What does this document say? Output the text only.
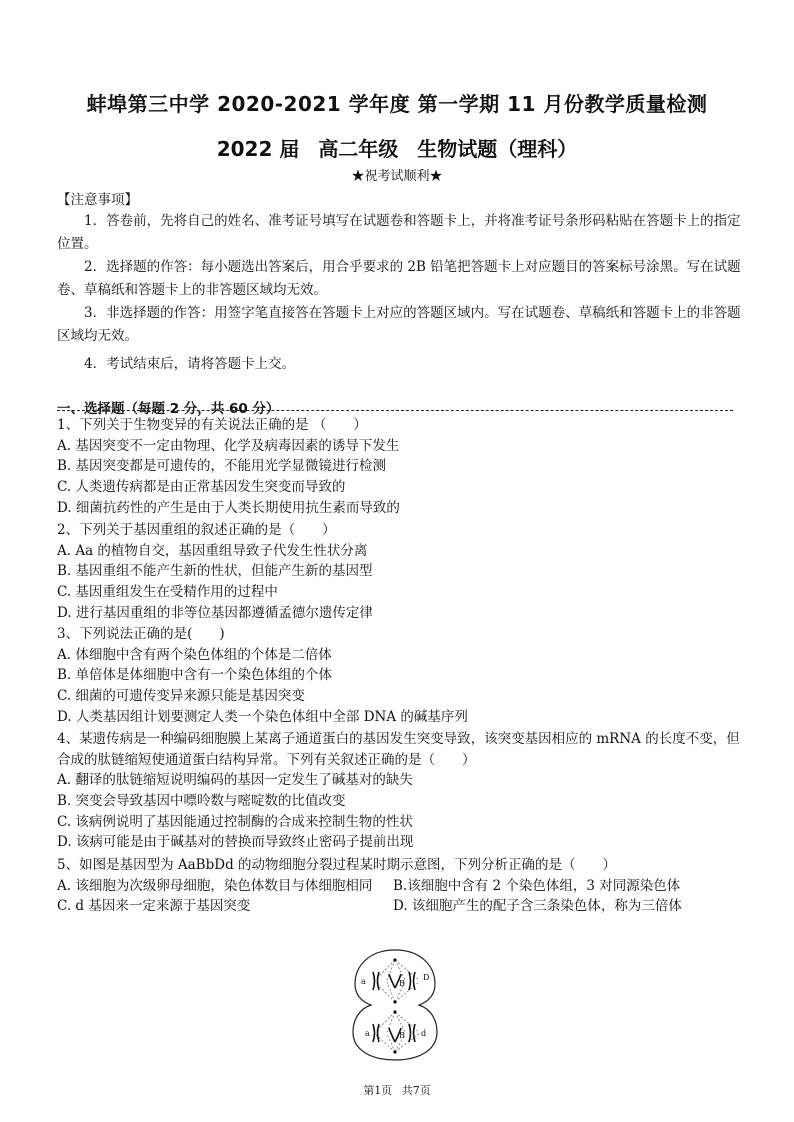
蚌埠第三中学 2020-2021 学年度 第一学期 11 月份教学质量检测
2022 届 高二年级 生物试题（理科）
★祝考试顺利★
【注意事项】
1．答卷前，先将自己的姓名、准考证号填写在试题卷和答题卡上，并将准考证号条形码粘贴在答题卡上的指定位置。
2．选择题的作答：每小题选出答案后，用合乎要求的 2B 铅笔把答题卡上对应题目的答案标号涂黑。写在试题卷、草稿纸和答题卡上的非答题区域均无效。
3．非选择题的作答：用签字笔直接答在答题卡上对应的答题区域内。写在试题卷、草稿纸和答题卡上的非答题区域均无效。
4．考试结束后，请将答题卡上交。
一、选择题（每题 2 分，共 60 分）
1、下列关于生物变异的有关说法正确的是 （　　）
A. 基因突变不一定由物理、化学及病毒因素的诱导下发生
B. 基因突变都是可遗传的，不能用光学显微镜进行检测
C. 人类遗传病都是由正常基因发生突变而导致的
D. 细菌抗药性的产生是由于人类长期使用抗生素而导致的
2、下列关于基因重组的叙述正确的是（　　）
A. Aa 的植物自交，基因重组导致子代发生性状分离
B. 基因重组不能产生新的性状，但能产生新的基因型
C. 基因重组发生在受精作用的过程中
D. 进行基因重组的非等位基因都遵循孟德尔遗传定律
3、下列说法正确的是(　　)
A. 体细胞中含有两个染色体组的个体是二倍体
B. 单倍体是体细胞中含有一个染色体组的个体
C. 细菌的可遗传变异来源只能是基因突变
D. 人类基因组计划要测定人类一个染色体组中全部 DNA 的碱基序列
4、某遗传病是一种编码细胞膜上某离子通道蛋白的基因发生突变导致，该突变基因相应的 mRNA 的长度不变，但合成的肽链缩短使通道蛋白结构异常。下列有关叙述正确的是（　　）
A. 翻译的肽链缩短说明编码的基因一定发生了碱基对的缺失
B. 突变会导致基因中嘌呤数与嘧啶数的比值改变
C. 该病例说明了基因能通过控制酶的合成来控制生物的性状
D. 该病可能是由于碱基对的替换而导致终止密码子提前出现
5、如图是基因型为 AaBbDd 的动物细胞分裂过程某时期示意图，下列分析正确的是（　　）
A. 该细胞为次级卵母细胞，染色体数目与体细胞相同	B.该细胞中含有 2 个染色体组，3 对同源染色体
C. d 基因来一定来源于基因突变	D. 该细胞产生的配子含三条染色体，称为三倍体
a	B
D
a	B d
第1页 共7页
